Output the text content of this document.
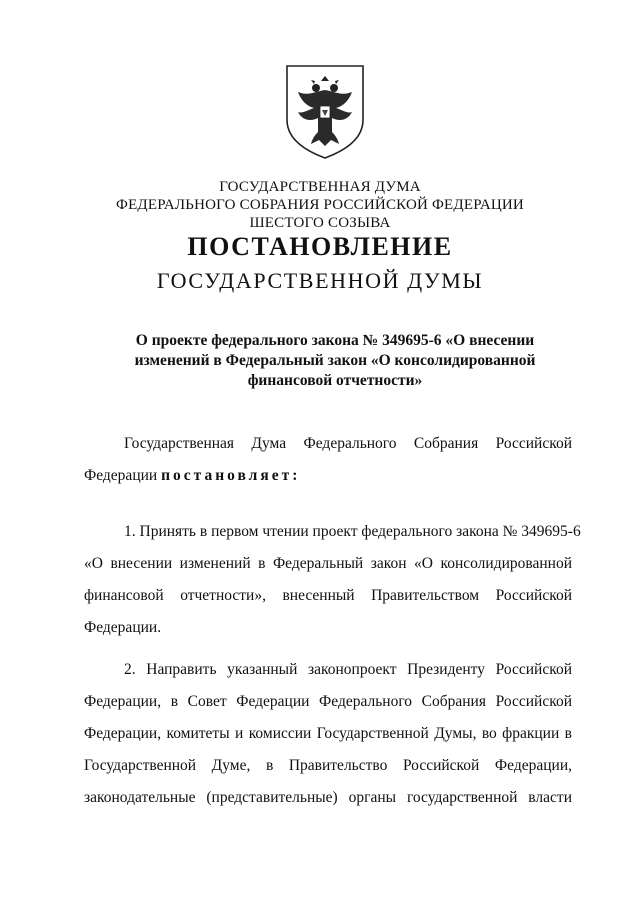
ГОСУДАРСТВЕННАЯ ДУМА
ФЕДЕРАЛЬНОГО СОБРАНИЯ РОССИЙСКОЙ ФЕДЕРАЦИИ
ШЕСТОГО СОЗЫВА
ПОСТАНОВЛЕНИЕ
ГОСУДАРСТВЕННОЙ ДУМЫ
О проекте федерального закона № 349695-6 «О внесении
изменений в Федеральный закон «О консолидированной
финансовой отчетности»
Государственная Дума Федерального Собрания Российской
Федерации постановляет:
1. Принять в первом чтении проект федерального закона № 349695-6
«О внесении изменений в Федеральный закон «О консолидированной
финансовой отчетности», внесенный Правительством Российской
Федерации.
2. Направить указанный законопроект Президенту Российской
Федерации, в Совет Федерации Федерального Собрания Российской
Федерации, комитеты и комиссии Государственной Думы, во фракции в
Государственной Думе, в Правительство Российской Федерации,
законодательные (представительные) органы государственной власти
